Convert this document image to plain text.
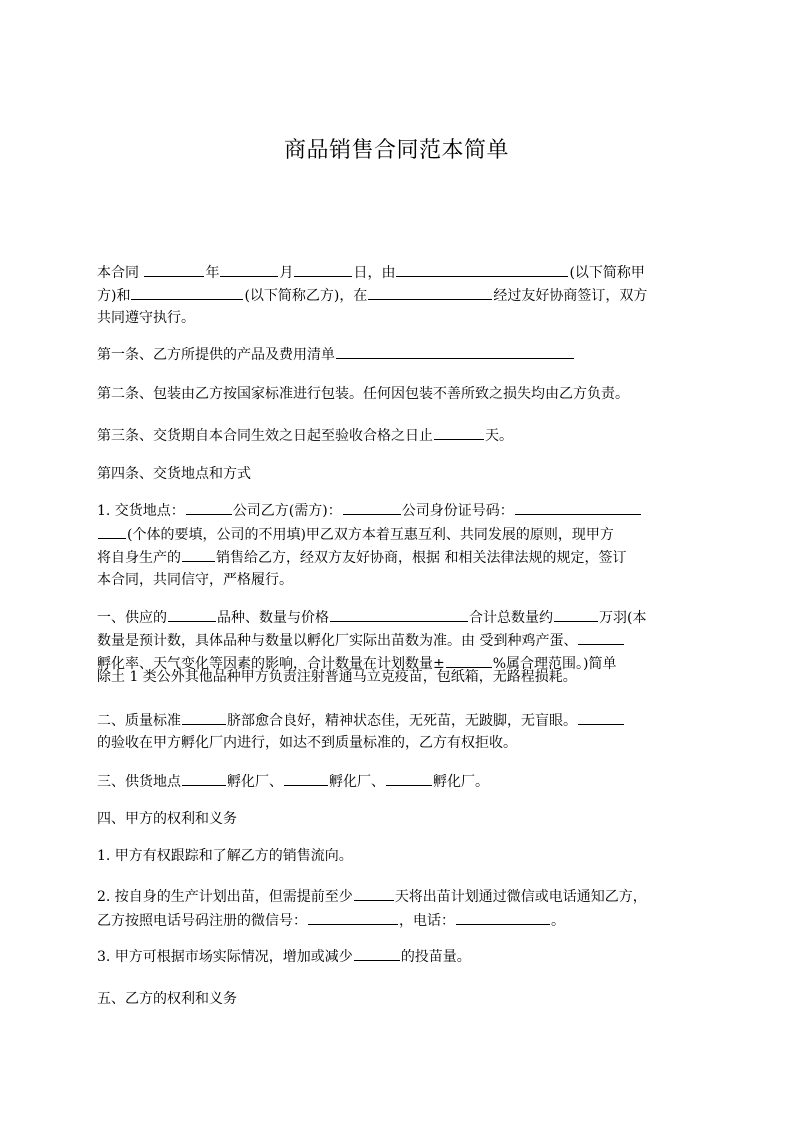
商品销售合同范本简单
本合同	年	月	日，由	(以下简称甲
方)和	(以下简称乙方)，在	经过友好协商签订，双方
共同遵守执行。
第一条、乙方所提供的产品及费用清单
第二条、包装由乙方按国家标准进行包装。任何因包装不善所致之损失均由乙方负责。
第三条、交货期自本合同生效之日起至验收合格之日止	天。
第四条、交货地点和方式
1. 交货地点：	公司乙方(需方)：	公司身份证号码：
(个体的要填，公司的不用填)甲乙双方本着互惠互利、共同发展的原则，现甲方
将自身生产的	销售给乙方，经双方友好协商，根据 和相关法律法规的规定，签订
本合同，共同信守，严格履行。
一、供应的	品种、数量与价格	合计总数量约	万羽(本
数量是预计数，具体品种与数量以孵化厂实际出苗数为准。由 受到种鸡产蛋、
孵化率、天气变化等因素的影响，合计数量在计划数量±	%属合理范围。)简单
除土 1 类公外其他品种甲方负责注射普通马立克疫苗，包纸箱，无路程损耗。
二、质量标准	脐部愈合良好，精神状态佳，无死苗，无跛脚，无盲眼。
的验收在甲方孵化厂内进行，如达不到质量标准的，乙方有权拒收。
三、供货地点	孵化厂、	孵化厂、	孵化厂。
四、甲方的权利和义务
1. 甲方有权跟踪和了解乙方的销售流向。
2. 按自身的生产计划出苗，但需提前至少	天将出苗计划通过微信或电话通知乙方，
乙方按照电话号码注册的微信号：	，电话：	。
3. 甲方可根据市场实际情况，增加或减少	的投苗量。
五、乙方的权利和义务
